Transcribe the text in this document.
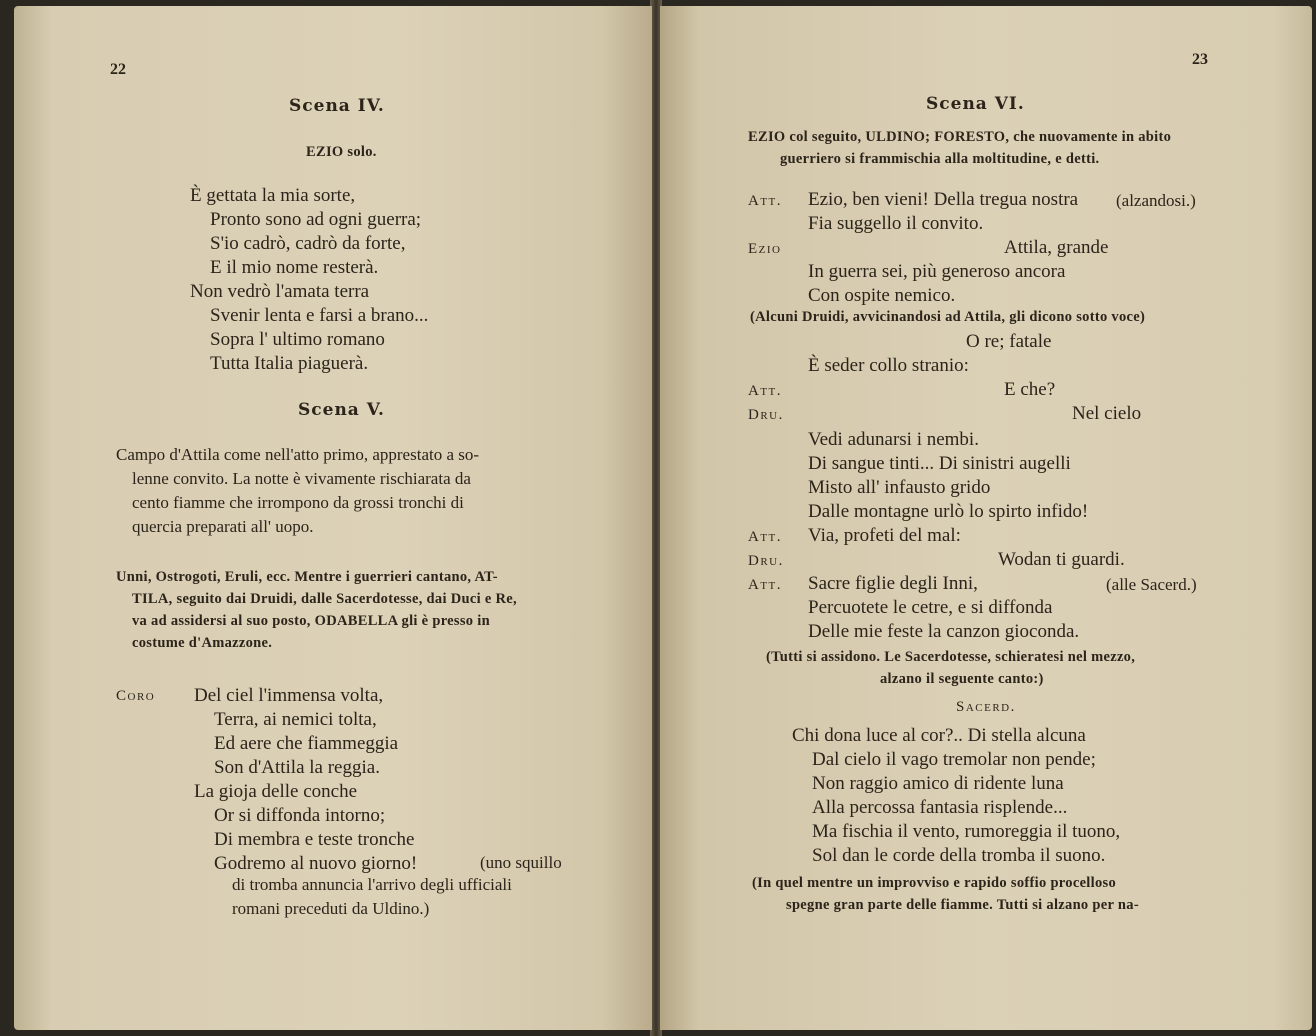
22
Scena IV.
EZIO solo.
È gettata la mia sorte,
Pronto sono ad ogni guerra;
S'io cadrò, cadrò da forte,
E il mio nome resterà.
Non vedrò l'amata terra
Svenir lenta e farsi a brano...
Sopra l' ultimo romano
Tutta Italia piaguerà.
Scena V.
Campo d'Attila come nell'atto primo, apprestato a so-
lenne convito. La notte è vivamente rischiarata da
cento fiamme che irrompono da grossi tronchi di
quercia preparati all' uopo.
Unni, Ostrogoti, Eruli, ecc. Mentre i guerrieri cantano, AT-
TILA, seguito dai Druidi, dalle Sacerdotesse, dai Duci e Re,
va ad assidersi al suo posto, ODABELLA gli è presso in
costume d'Amazzone.
Coro Del ciel l'immensa volta,
Terra, ai nemici tolta,
Ed aere che fiammeggia
Son d'Attila la reggia.
La gioja delle conche
Or si diffonda intorno;
Di membra e teste tronche
Godremo al nuovo giorno!	(uno squillo
di tromba annuncia l'arrivo degli ufficiali
romani preceduti da Uldino.)
23
Scena VI.
EZIO col seguito, ULDINO; FORESTO, che nuovamente in abito
guerriero si frammischia alla moltitudine, e detti.
Att. Ezio, ben vieni! Della tregua nostra (alzandosi.)
Fia suggello il convito.
Ezio	Attila, grande
In guerra sei, più generoso ancora
Con ospite nemico.
(Alcuni Druidi, avvicinandosi ad Attila, gli dicono sotto voce)
O re; fatale
È seder collo stranio:
Att.	E che?
Dru.	Nel cielo
Vedi adunarsi i nembi.
Di sangue tinti... Di sinistri augelli
Misto all' infausto grido
Dalle montagne urlò lo spirto infido!
Att. Via, profeti del mal:
Dru.	Wodan ti guardi.
Att. Sacre figlie degli Inni,	(alle Sacerd.)
Percuotete le cetre, e si diffonda
Delle mie feste la canzon gioconda.
(Tutti si assidono. Le Sacerdotesse, schieratesi nel mezzo,
alzano il seguente canto:)
Sacerd.
Chi dona luce al cor?.. Di stella alcuna
Dal cielo il vago tremolar non pende;
Non raggio amico di ridente luna
Alla percossa fantasia risplende...
Ma fischia il vento, rumoreggia il tuono,
Sol dan le corde della tromba il suono.
(In quel mentre un improvviso e rapido soffio procelloso
spegne gran parte delle fiamme. Tutti si alzano per na-
